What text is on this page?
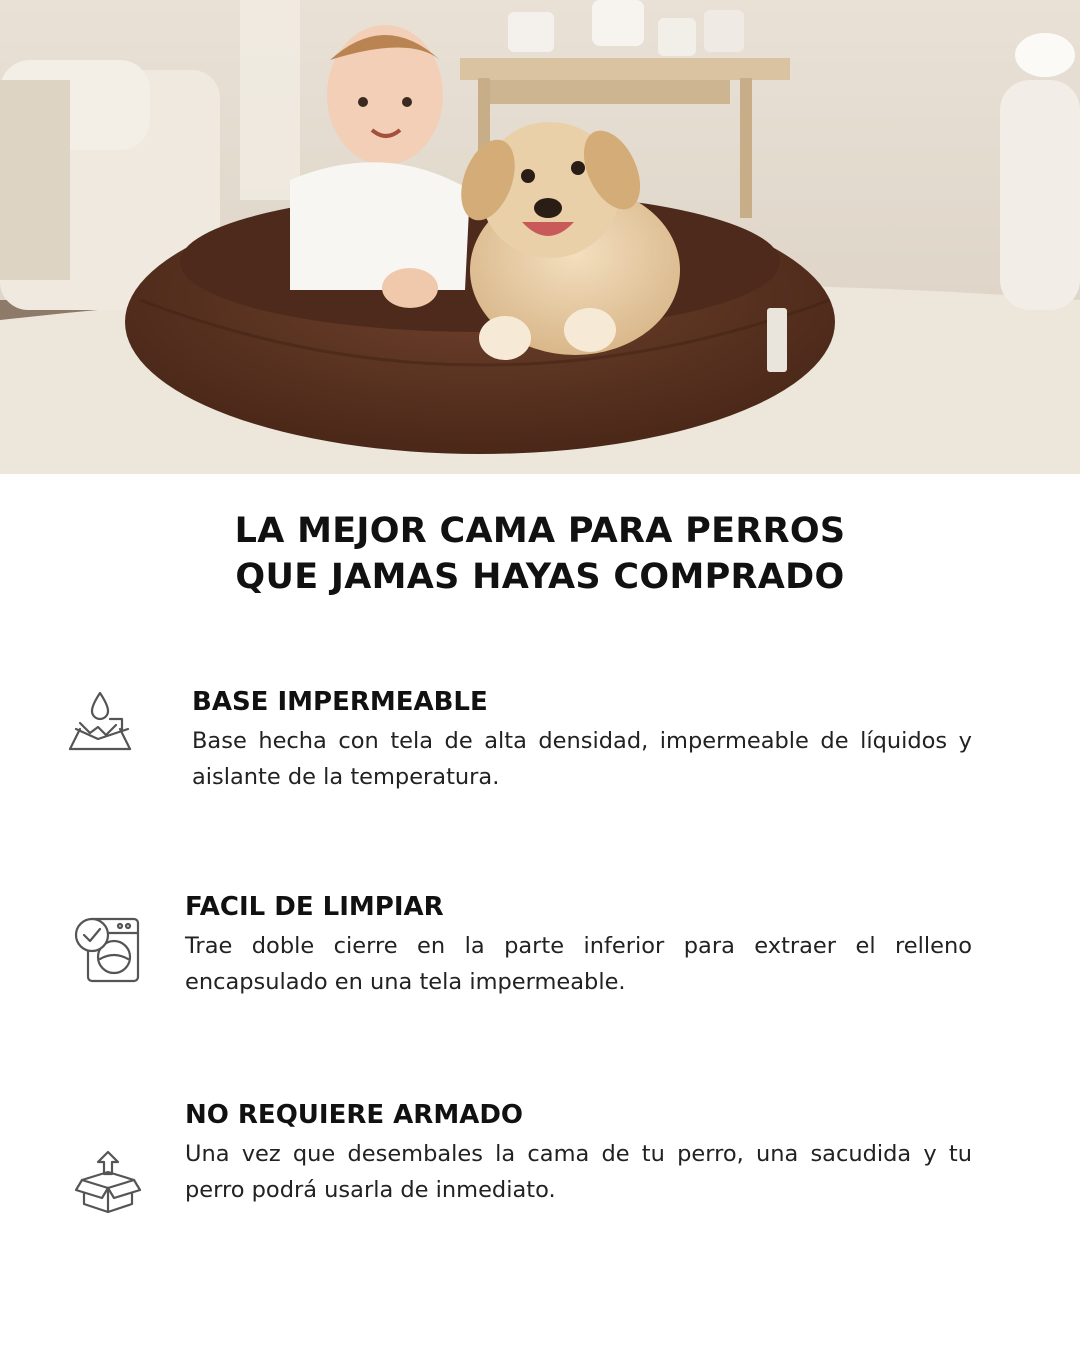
LA MEJOR CAMA PARA PERROS
QUE JAMAS HAYAS COMPRADO
BASE IMPERMEABLE
Base hecha con tela de alta densidad, impermeable de líquidos y aislante de la temperatura.
FACIL DE LIMPIAR
Trae doble cierre en la parte inferior para extraer el relleno encapsulado en una tela impermeable.
NO REQUIERE ARMADO
Una vez que desembales la cama de tu perro, una sacudida y tu perro podrá usarla de inmediato.
